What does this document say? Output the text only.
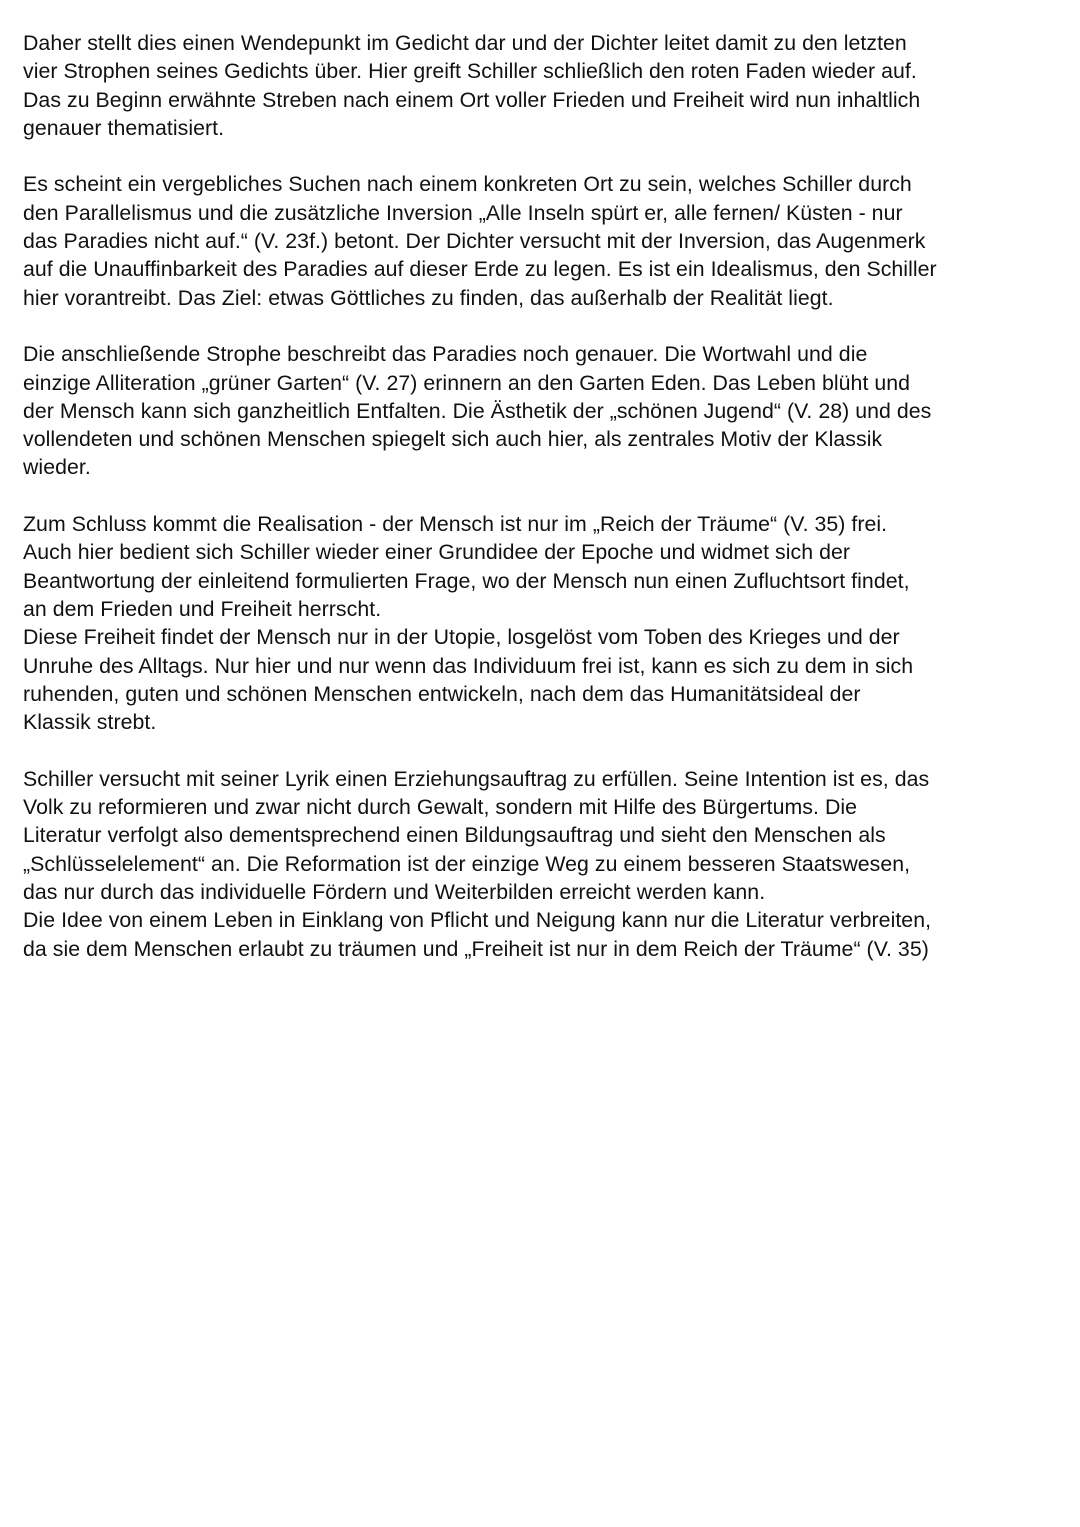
Daher stellt dies einen Wendepunkt im Gedicht dar und der Dichter leitet damit zu den letzten
vier Strophen seines Gedichts über. Hier greift Schiller schließlich den roten Faden wieder auf.
Das zu Beginn erwähnte Streben nach einem Ort voller Frieden und Freiheit wird nun inhaltlich
genauer thematisiert.

Es scheint ein vergebliches Suchen nach einem konkreten Ort zu sein, welches Schiller durch
den Parallelismus und die zusätzliche Inversion „Alle Inseln spürt er, alle fernen/ Küsten - nur
das Paradies nicht auf.“ (V. 23f.) betont. Der Dichter versucht mit der Inversion, das Augenmerk
auf die Unauffinbarkeit des Paradies auf dieser Erde zu legen. Es ist ein Idealismus, den Schiller
hier vorantreibt. Das Ziel: etwas Göttliches zu finden, das außerhalb der Realität liegt.

Die anschließende Strophe beschreibt das Paradies noch genauer. Die Wortwahl und die
einzige Alliteration „grüner Garten“ (V. 27) erinnern an den Garten Eden. Das Leben blüht und
der Mensch kann sich ganzheitlich Entfalten. Die Ästhetik der „schönen Jugend“ (V. 28) und des
vollendeten und schönen Menschen spiegelt sich auch hier, als zentrales Motiv der Klassik
wieder.

Zum Schluss kommt die Realisation - der Mensch ist nur im „Reich der Träume“ (V. 35) frei.
Auch hier bedient sich Schiller wieder einer Grundidee der Epoche und widmet sich der
Beantwortung der einleitend formulierten Frage, wo der Mensch nun einen Zufluchtsort findet,
an dem Frieden und Freiheit herrscht.

Diese Freiheit findet der Mensch nur in der Utopie, losgelöst vom Toben des Krieges und der
Unruhe des Alltags. Nur hier und nur wenn das Individuum frei ist, kann es sich zu dem in sich
ruhenden, guten und schönen Menschen entwickeln, nach dem das Humanitätsideal der
Klassik strebt.

Schiller versucht mit seiner Lyrik einen Erziehungsauftrag zu erfüllen. Seine Intention ist es, das
Volk zu reformieren und zwar nicht durch Gewalt, sondern mit Hilfe des Bürgertums. Die
Literatur verfolgt also dementsprechend einen Bildungsauftrag und sieht den Menschen als
„Schlüsselelement“ an. Die Reformation ist der einzige Weg zu einem besseren Staatswesen,
das nur durch das individuelle Fördern und Weiterbilden erreicht werden kann.

Die Idee von einem Leben in Einklang von Pflicht und Neigung kann nur die Literatur verbreiten,
da sie dem Menschen erlaubt zu träumen und „Freiheit ist nur in dem Reich der Träume“ (V. 35)
